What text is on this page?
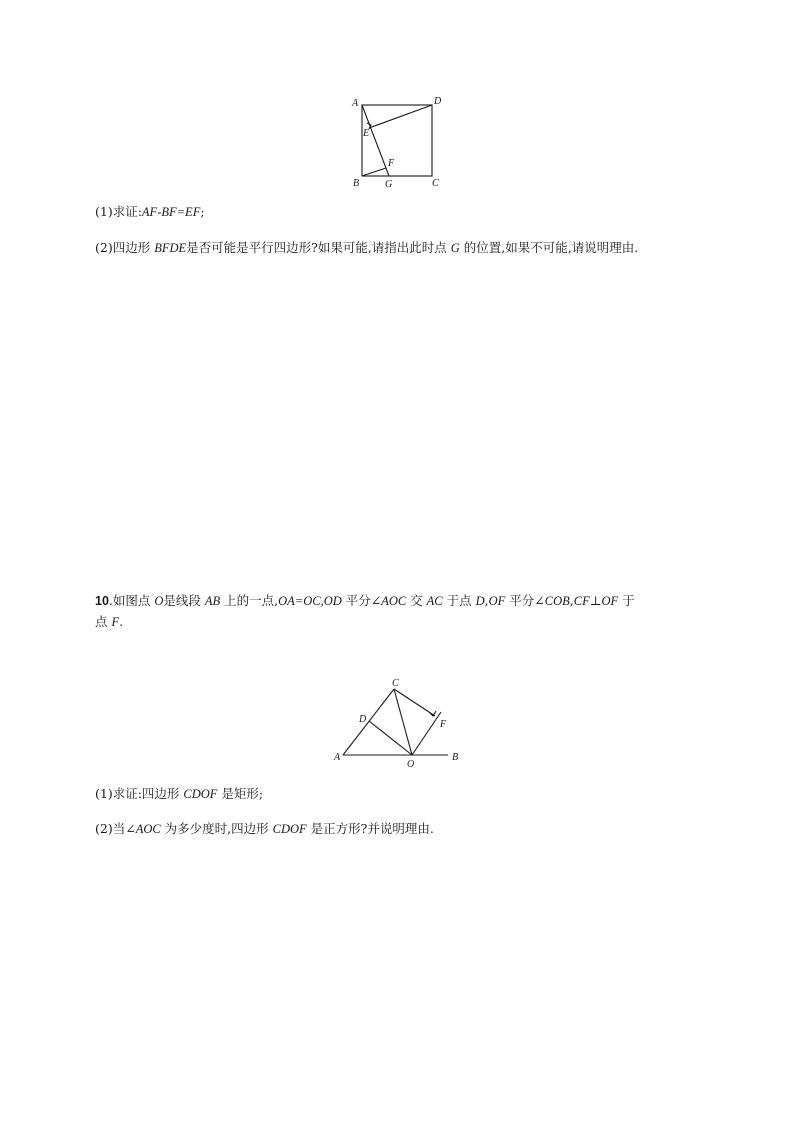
A	D
E
F
B	G	C
(1)求证:AF-BF=EF;
(2)四边形 BFDE是否可能是平行四边形?如果可能,请指出此时点 G 的位置,如果不可能,请说明理由.
10.如图点 O是线段 AB 上的一点,OA=OC,OD 平分∠AOC 交 AC 于点 D,OF 平分∠COB,CF⊥OF 于
点 F.
C
D	F
A
O
B
(1)求证:四边形 CDOF 是矩形;
(2)当∠AOC 为多少度时,四边形 CDOF 是正方形?并说明理由.
